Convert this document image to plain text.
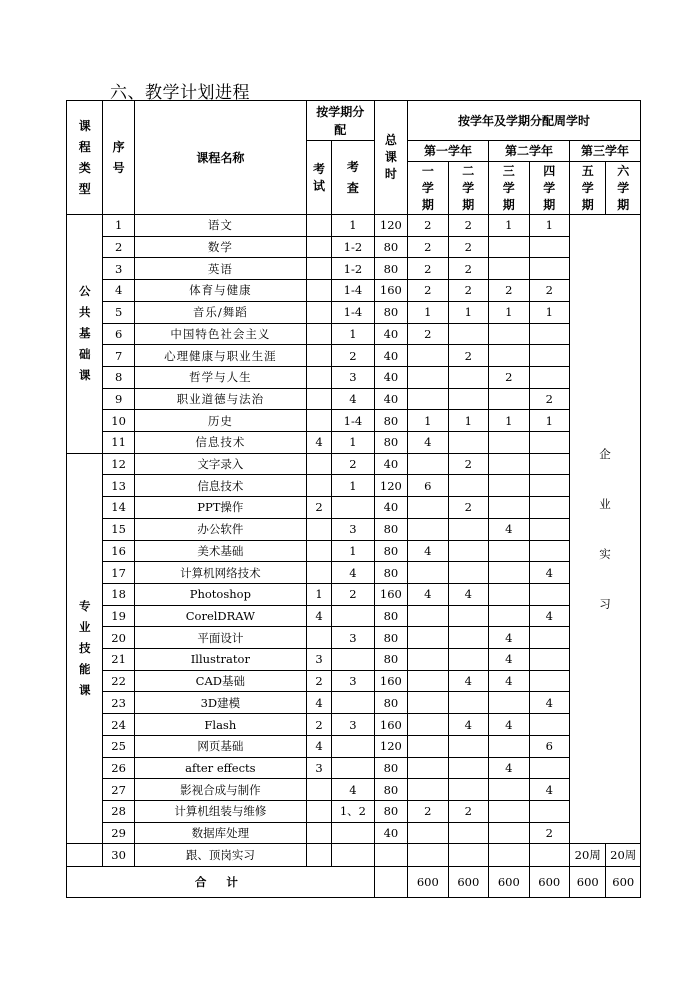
六、教学计划进程
课程类型	序号	课程名称	按学期分配		总课时	按学年及学期分配周学时					
			考试	考查		第一学年		第二学年		第三学年	
						一学期	二学期	三学期	四学期	五学期	六学期
公共基础课	1	语文		1	120	2	2	1	1	企业实习	
	2	数学		1-2	80	2	2				
	3	英语		1-2	80	2	2				
	4	体育与健康		1-4	160	2	2	2	2		
	5	音乐/舞蹈		1-4	80	1	1	1	1		
	6	中国特色社会主义		1	40	2					
	7	心理健康与职业生涯		2	40		2				
	8	哲学与人生		3	40			2			
	9	职业道德与法治		4	40				2		
	10	历史		1-4	80	1	1	1	1		
	11	信息技术	4	1	80	4					
专业技能课	12	文字录入		2	40		2				
	13	信息技术		1	120	6					
	14	PPT操作	2		40		2				
	15	办公软件		3	80			4			
	16	美术基础		1	80	4					
	17	计算机网络技术		4	80				4		
	18	Photoshop	1	2	160	4	4				
	19	CorelDRAW	4		80				4		
	20	平面设计		3	80			4			
	21	Illustrator	3		80			4			
	22	CAD基础	2	3	160		4	4			
	23	3D建模	4		80				4		
	24	Flash	2	3	160		4	4			
	25	网页基础	4		120				6		
	26	after effects	3		80			4			
	27	影视合成与制作		4	80				4		
	28	计算机组装与维修		1、2	80	2	2				
	29	数据库处理			40				2		
	30	跟、顶岗实习								20周	20周
合 计						600	600	600	600	600	600
